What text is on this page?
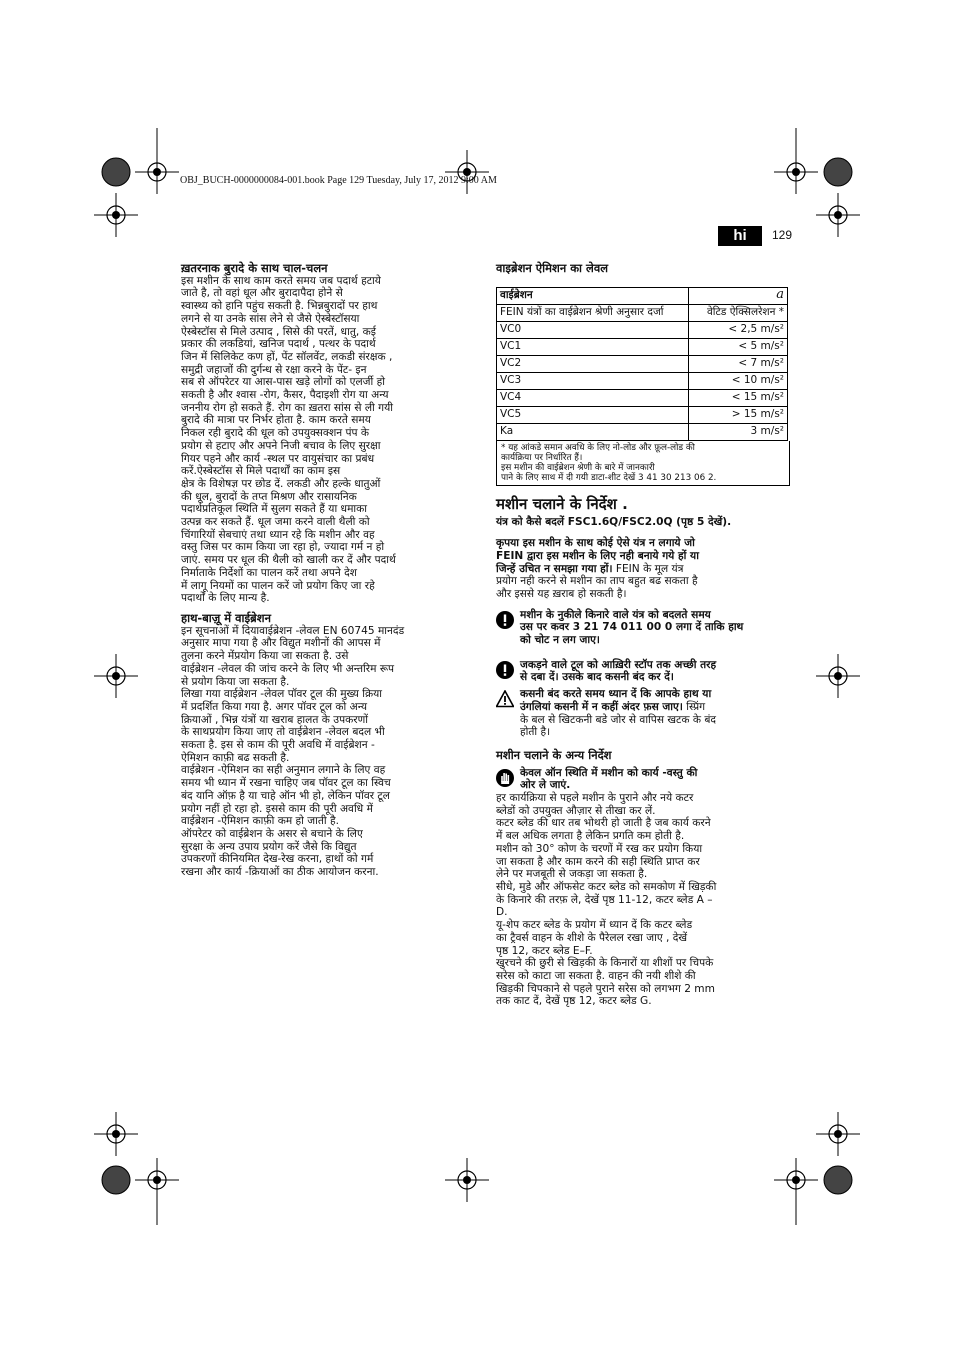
OBJ_BUCH-0000000084-001.book Page 129 Tuesday, July 17, 2012 9:00 AM
hi	129

ख़तरनाक बुरादे के साथ चाल-चलन

इस मशीन के साथ काम करते समय जब पदार्थ हटाये

जाते है, तो वहां धूल और बुरादापैदा होने से

स्वास्थ्य को हानि पहुंच सकती है. भिन्नबुरादों पर हाथ

लगने से या उनके सांस लेने से जैसे ऐस्बेस्टॉसया

ऐस्बेस्टॉस से मिले उत्पाद , सिसे की परतें, धातु, कई

प्रकार की लकडियां, खनिज पदार्थ , पत्थर के पदार्थ

जिन में सिलिकेट कण हों, पेंट सॉलवेंट, लकडी संरक्षक ,

समुद्री जहाजों की दुर्गन्ध से रक्षा करने के पेंट- इन

सब से ऑपरेटर या आस-पास खड़े लोगों को एलर्जी हो

सकती है और श्वास -रोग, कैसर, पैदाइशी रोग या अन्य

जननीय रोग हो सकते हैं. रोग का ख़तरा सांस से ली गयी

बुरादे की मात्रा पर निर्भर होता है. काम करते समय

निकल रही बुरादे की धूल को उपयुक्सक्शन पंप के

प्रयोग से हटाए और अपने निजी बचाव के लिए सुरक्षा

गियर पहने और कार्य -स्थल पर वायुसंचार का प्रबंध

करें.ऐस्बेस्टॉस से मिले पदार्थों का काम इस

क्षेत्र के विशेषज्ञ पर छोड दें. लकडी और हल्के धातुओं

की धूल, बुरादों के तप्त मिश्रण और रासायनिक

पदार्थप्रतिकूल स्थिति में सुलग सकते हैं या धमाका

उत्पन्न कर सकते हैं. धूल जमा करने वाली थैली को

चिंगारियों सेबचाएं तथा ध्यान रहे कि मशीन और वह

वस्तु जिस पर काम किया जा रहा हो, ज्यादा गर्म न हो

जाएं. समय पर धूल की थैली को खाली कर दें और पदार्थ

निर्माताके निर्देशों का पालन करें तथा अपने देश

में लागू नियमों का पालन करें जो प्रयोग किए जा रहे

पदार्थों के लिए मान्य है.

हाथ-बाज़ू में वाईब्रेशन

इन सूचनाओं में दियावाईब्रेशन -लेवल EN 60745 मानदंड

अनुसार मापा गया है और विद्युत मशीनों की आपस में

तुलना करने मेंप्रयोग किया जा सकता है. उसे

वाईब्रेशन -लेवल की जांच करने के लिए भी अन्तरिम रूप

से प्रयोग किया जा सकता है.

लिखा गया वाईब्रेशन -लेवल पॉवर टूल की मुख्य क्रिया

में प्रदर्शित किया गया है. अगर पॉवर टूल को अन्य

क्रियाओं , भिन्न यंत्रों या खराब हालत के उपकरणों

के साथप्रयोग किया जाए तो वाईब्रेशन -लेवल बदल भी

सकता है. इस से काम की पूरी अवधि में वाईब्रेशन -

ऐमिशन काफ़ी बढ सकती है.

वाईब्रेशन -ऐमिशन का सही अनुमान लगाने के लिए वह

समय भी ध्यान में रखना चाहिए जब पॉवर टूल का स्विच

बंद यानि ऑफ़ है या चाहे ऑन भी हो, लेकिन पॉवर टूल

प्रयोग नहीं हो रहा हो. इससे काम की पूरी अवधि में

वाईब्रेशन -ऐमिशन काफ़ी कम हो जाती है.

ऑपरेटर को वाईब्रेशन के असर से बचाने के लिए

सुरक्षा के अन्य उपाय प्रयोग करें जैसे कि विद्युत

उपकरणों कीनियमित देख-रेख करना, हाथों को गर्म

रखना और कार्य -क्रियाओं का ठीक आयोजन करना.

वाइब्रेशन ऐमिशन का लेवल

वाईब्रेशन	a
FEIN यंत्रों का वाईब्रेशन श्रेणी अनुसार दर्जा	वेटिड ऐक्सिलरेशन *
VC0	< 2,5 m/s²
VC1	< 5 m/s²
VC2	< 7 m/s²
VC3	< 10 m/s²
VC4	< 15 m/s²
VC5	> 15 m/s²
Ka	3 m/s²
* यह आंकडे समान अवधि के लिए नो-लोड और फ़ूल-लोड की
कार्यक्रिया पर निर्धारित हैं।
इस मशीन की वाईब्रेशन श्रेणी के बारे में जानकारी
पाने के लिए साथ में दी गयी डाटा-शीट देखें 3 41 30 213 06 2.

मशीन चलाने के निर्देश .

यंत्र को कैसे बदलें FSC1.6Q/FSC2.0Q (पृष्ठ 5 देखें).

कृपया इस मशीन के साथ कोई ऐसे यंत्र न लगाये जो

FEIN द्वारा इस मशीन के लिए नही बनाये गये हों या

जिन्हें उचित न समझा गया हों। FEIN के मूल यंत्र

प्रयोग नही करने से मशीन का ताप बहुत बढ सकता है

और इससे यह ख़राब हो सकती है।

मशीन के नुकीले किनारे वाले यंत्र को बदलते समय

उस पर कवर 3 21 74 011 00 0 लगा दें ताकि हाथ

को चोट न लग जाए।

जकड़ने वाले टूल को आख़िरी स्टॉप तक अच्छी तरह

से दबा दें। उसके बाद कसनी बंद कर दें।

कसनी बंद करते समय ध्यान दें कि आपके हाथ या

उंगलियां कसनी में न कहीं अंदर फ़स जाए। स्प्रिंग

के बल से खिटकनी बडे जोर से वापिस खटक के बंद

होती है।

मशीन चलाने के अन्य निर्देश

केवल ऑन स्थिति में मशीन को कार्य -वस्तु की

ओर ले जाएं.

हर कार्यक्रिया से पहले मशीन के पुराने और नये कटर

ब्लेडों को उपयुक्त औज़ार से तीखा कर लें.

कटर ब्लेड की धार तब भोथरी हो जाती है जब कार्य करने

में बल अधिक लगता है लेकिन प्रगति कम होती है.

मशीन को 30° कोण के चरणों में रख कर प्रयोग किया

जा सकता है और काम करने की सही स्थिति प्राप्त कर

लेने पर मजबूती से जकड़ा जा सकता है.

सीधे, मुडे और ऑफसेट कटर ब्लेड को समकोण में खिड़की

के किनारे की तरफ़ ले, देखें पृष्ठ 11-12, कटर ब्लेड A –

D.

यू-शेप कटर ब्लेड के प्रयोग में ध्यान दें कि कटर ब्लेड

का ट्रैवर्स वाहन के शीशे के पैरेलल रखा जाए , देखें

पृष्ठ 12, कटर ब्लेड E–F.

खुरचने की छुरी से खिड़की के किनारों या शीशों पर चिपके

सरेस को काटा जा सकता है. वाहन की नयी शीशे की

खिड़की चिपकाने से पहले पुराने सरेस को लगभग 2 mm

तक काट दें, देखें पृष्ठ 12, कटर ब्लेड G.
